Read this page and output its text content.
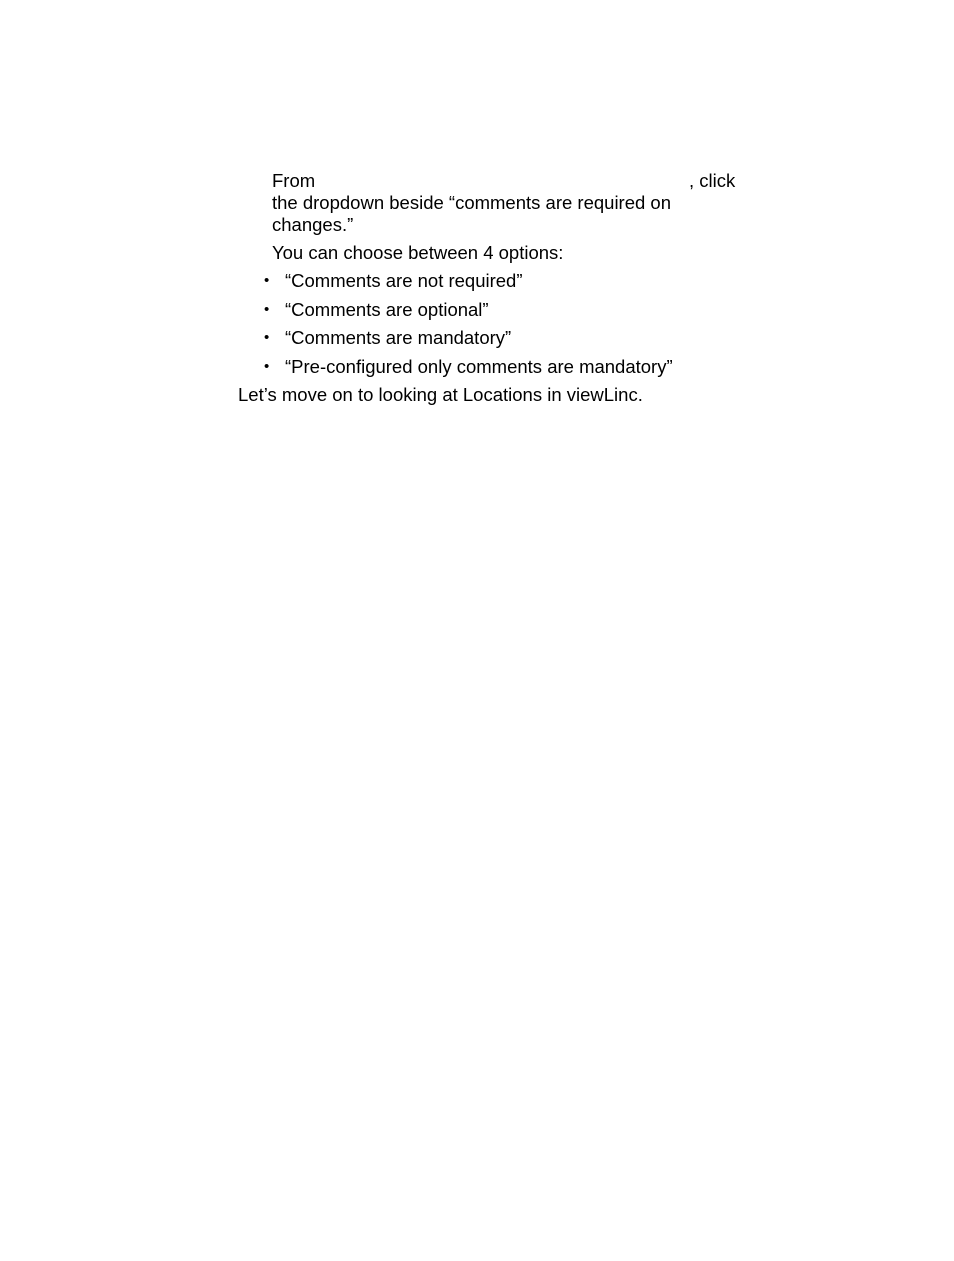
From	, click
the dropdown beside “comments are required on
changes.”
You can choose between 4 options:
• “Comments are not required”
• “Comments are optional”
• “Comments are mandatory”
• “Pre-configured only comments are mandatory”
Let’s move on to looking at Locations in viewLinc.
